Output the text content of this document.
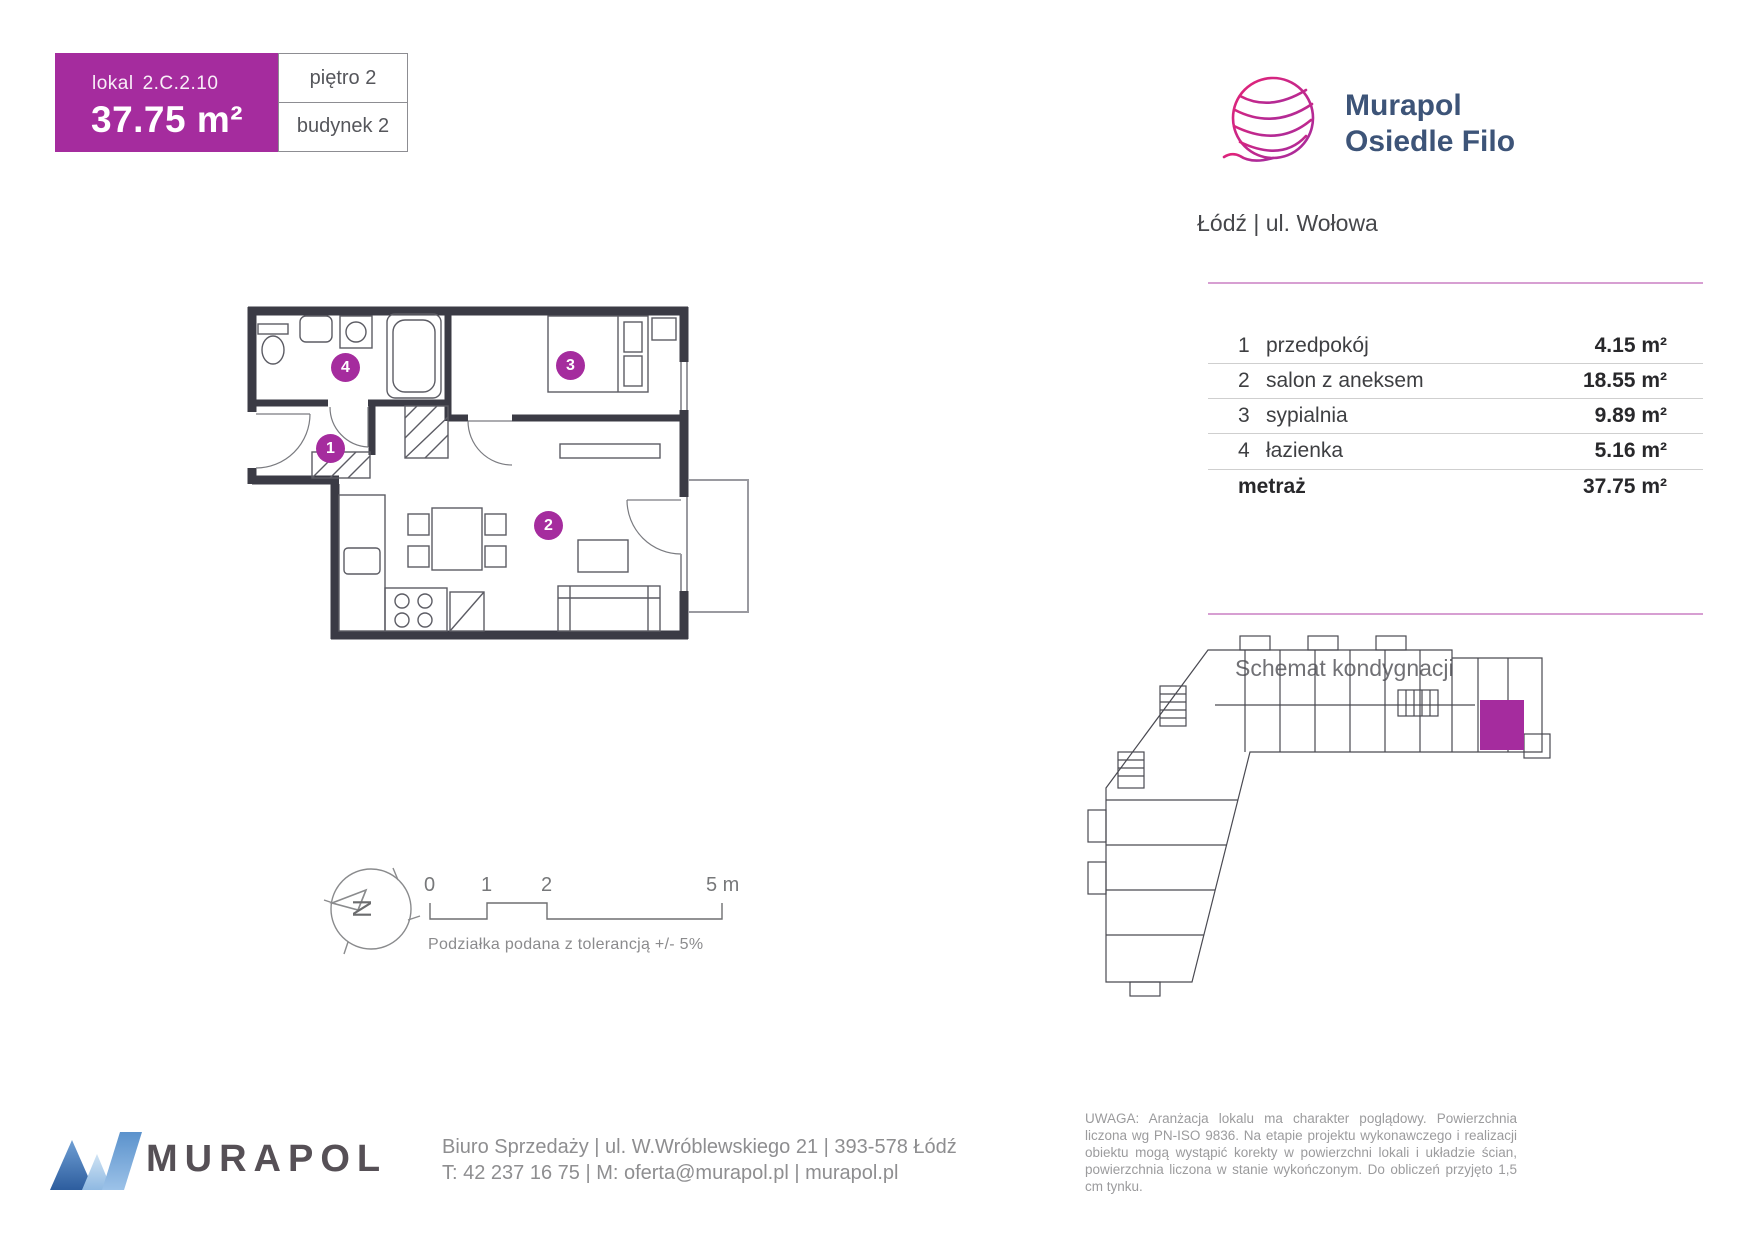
lokal 2.C.2.10
37.75 m²
piętro 2
budynek 2
Murapol
Osiedle Filo
Łódź | ul. Wołowa
1 przedpokój	4.15 m²
2 salon z aneksem	18.55 m²
3 sypialnia	9.89 m²
4 łazienka	5.16 m²
metraż	37.75 m²
Schemat kondygnacji
1
2
3
4
N
0 1 2	5 m
Podziałka podana z tolerancją +/- 5%
MURAPOL	Biuro Sprzedaży | ul. W.Wróblewskiego 21 | 393-578 Łódź
T: 42 237 16 75 | M: oferta@murapol.pl | murapol.pl
UWAGA: Aranżacja lokalu ma charakter poglądowy. Powierzchnia liczona wg PN-ISO 9836. Na etapie projektu wykonawczego i realizacji obiektu mogą wystąpić korekty w powierzchni lokali i układzie ścian, powierzchnia liczona w stanie wykończonym. Do obliczeń przyjęto 1,5 cm tynku.
